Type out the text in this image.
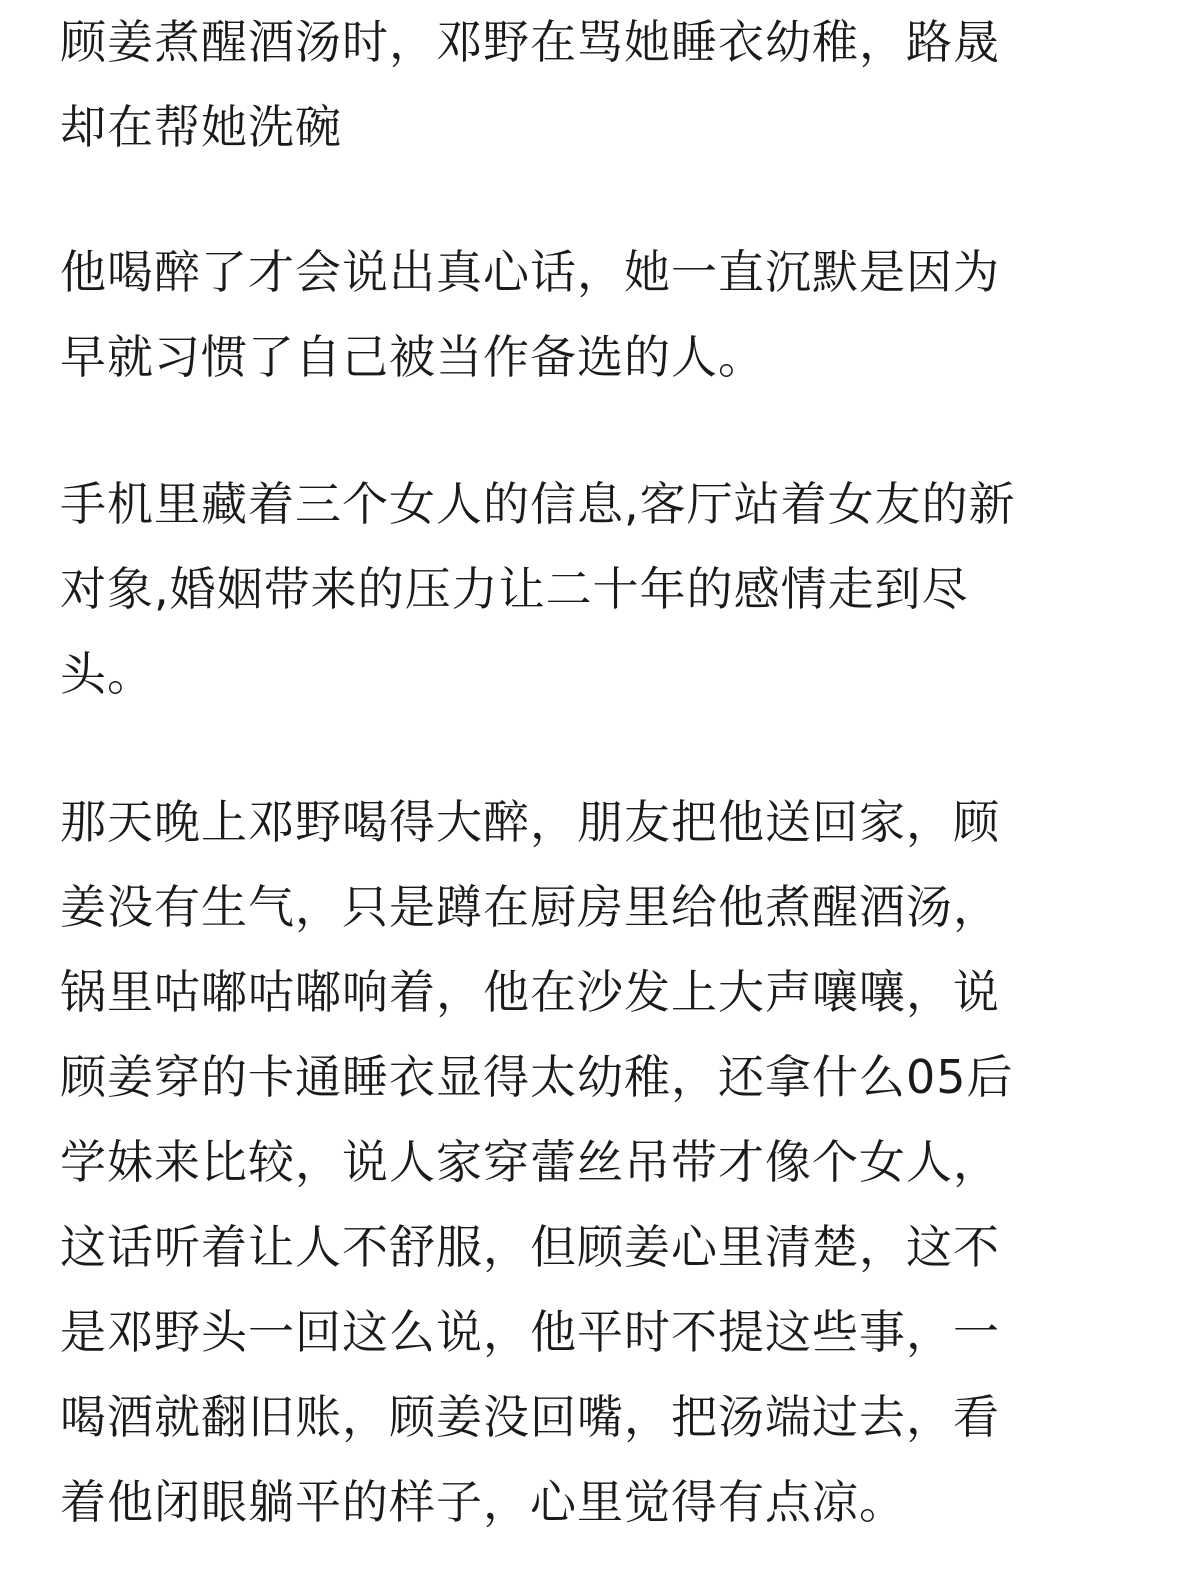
顾姜煮醒酒汤时，邓野在骂她睡衣幼稚，路晟
却在帮她洗碗
他喝醉了才会说出真心话，她一直沉默是因为
早就习惯了自己被当作备选的人。
手机里藏着三个女人的信息,客厅站着女友的新
对象,婚姻带来的压力让二十年的感情走到尽
头。
那天晚上邓野喝得大醉，朋友把他送回家，顾
姜没有生气，只是蹲在厨房里给他煮醒酒汤，
锅里咕嘟咕嘟响着，他在沙发上大声嚷嚷，说
顾姜穿的卡通睡衣显得太幼稚，还拿什么05后
学妹来比较，说人家穿蕾丝吊带才像个女人，
这话听着让人不舒服，但顾姜心里清楚，这不
是邓野头一回这么说，他平时不提这些事，一
喝酒就翻旧账，顾姜没回嘴，把汤端过去，看
着他闭眼躺平的样子，心里觉得有点凉。
